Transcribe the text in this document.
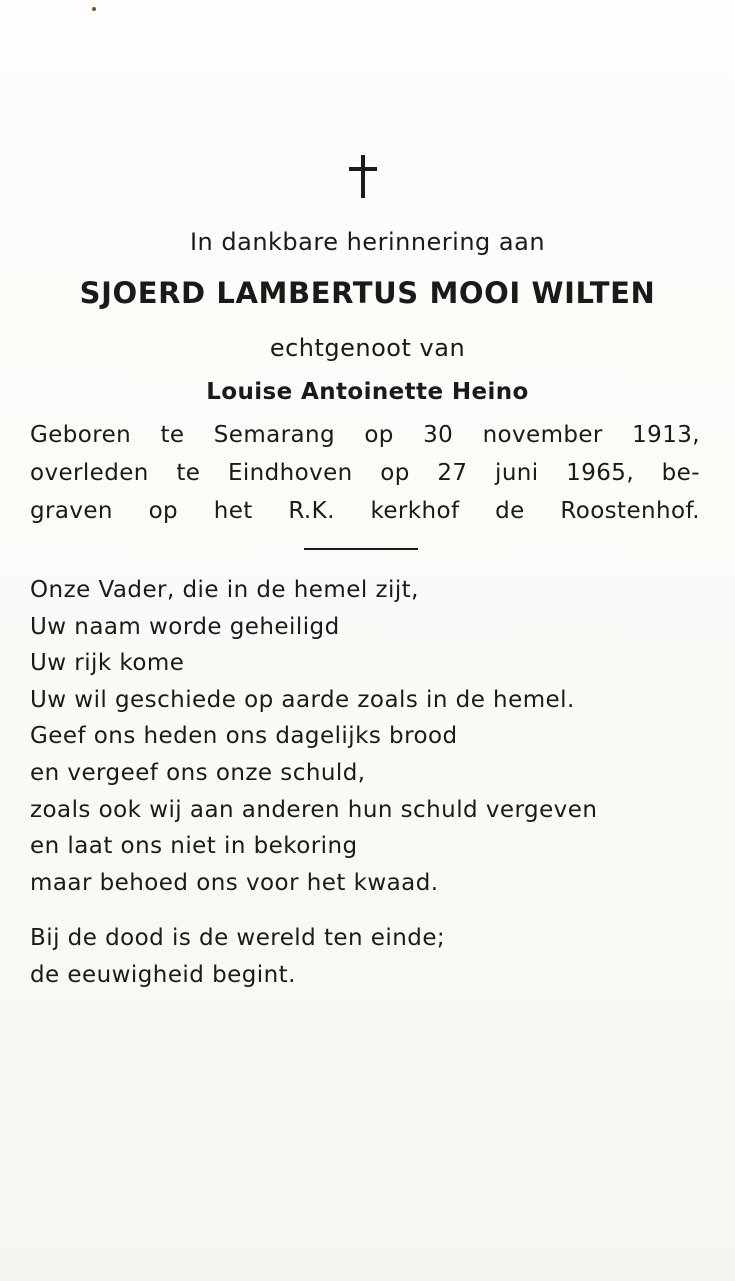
In dankbare herinnering aan
SJOERD LAMBERTUS MOOI WILTEN
echtgenoot van
Louise Antoinette Heino
Geboren te Semarang op 30 november 1913,
overleden te Eindhoven op 27 juni 1965, be-
graven op het R.K. kerkhof de Roostenhof.
Onze Vader, die in de hemel zijt,
Uw naam worde geheiligd
Uw rijk kome
Uw wil geschiede op aarde zoals in de hemel.
Geef ons heden ons dagelijks brood
en vergeef ons onze schuld,
zoals ook wij aan anderen hun schuld vergeven
en laat ons niet in bekoring
maar behoed ons voor het kwaad.
Bij de dood is de wereld ten einde;
de eeuwigheid begint.
